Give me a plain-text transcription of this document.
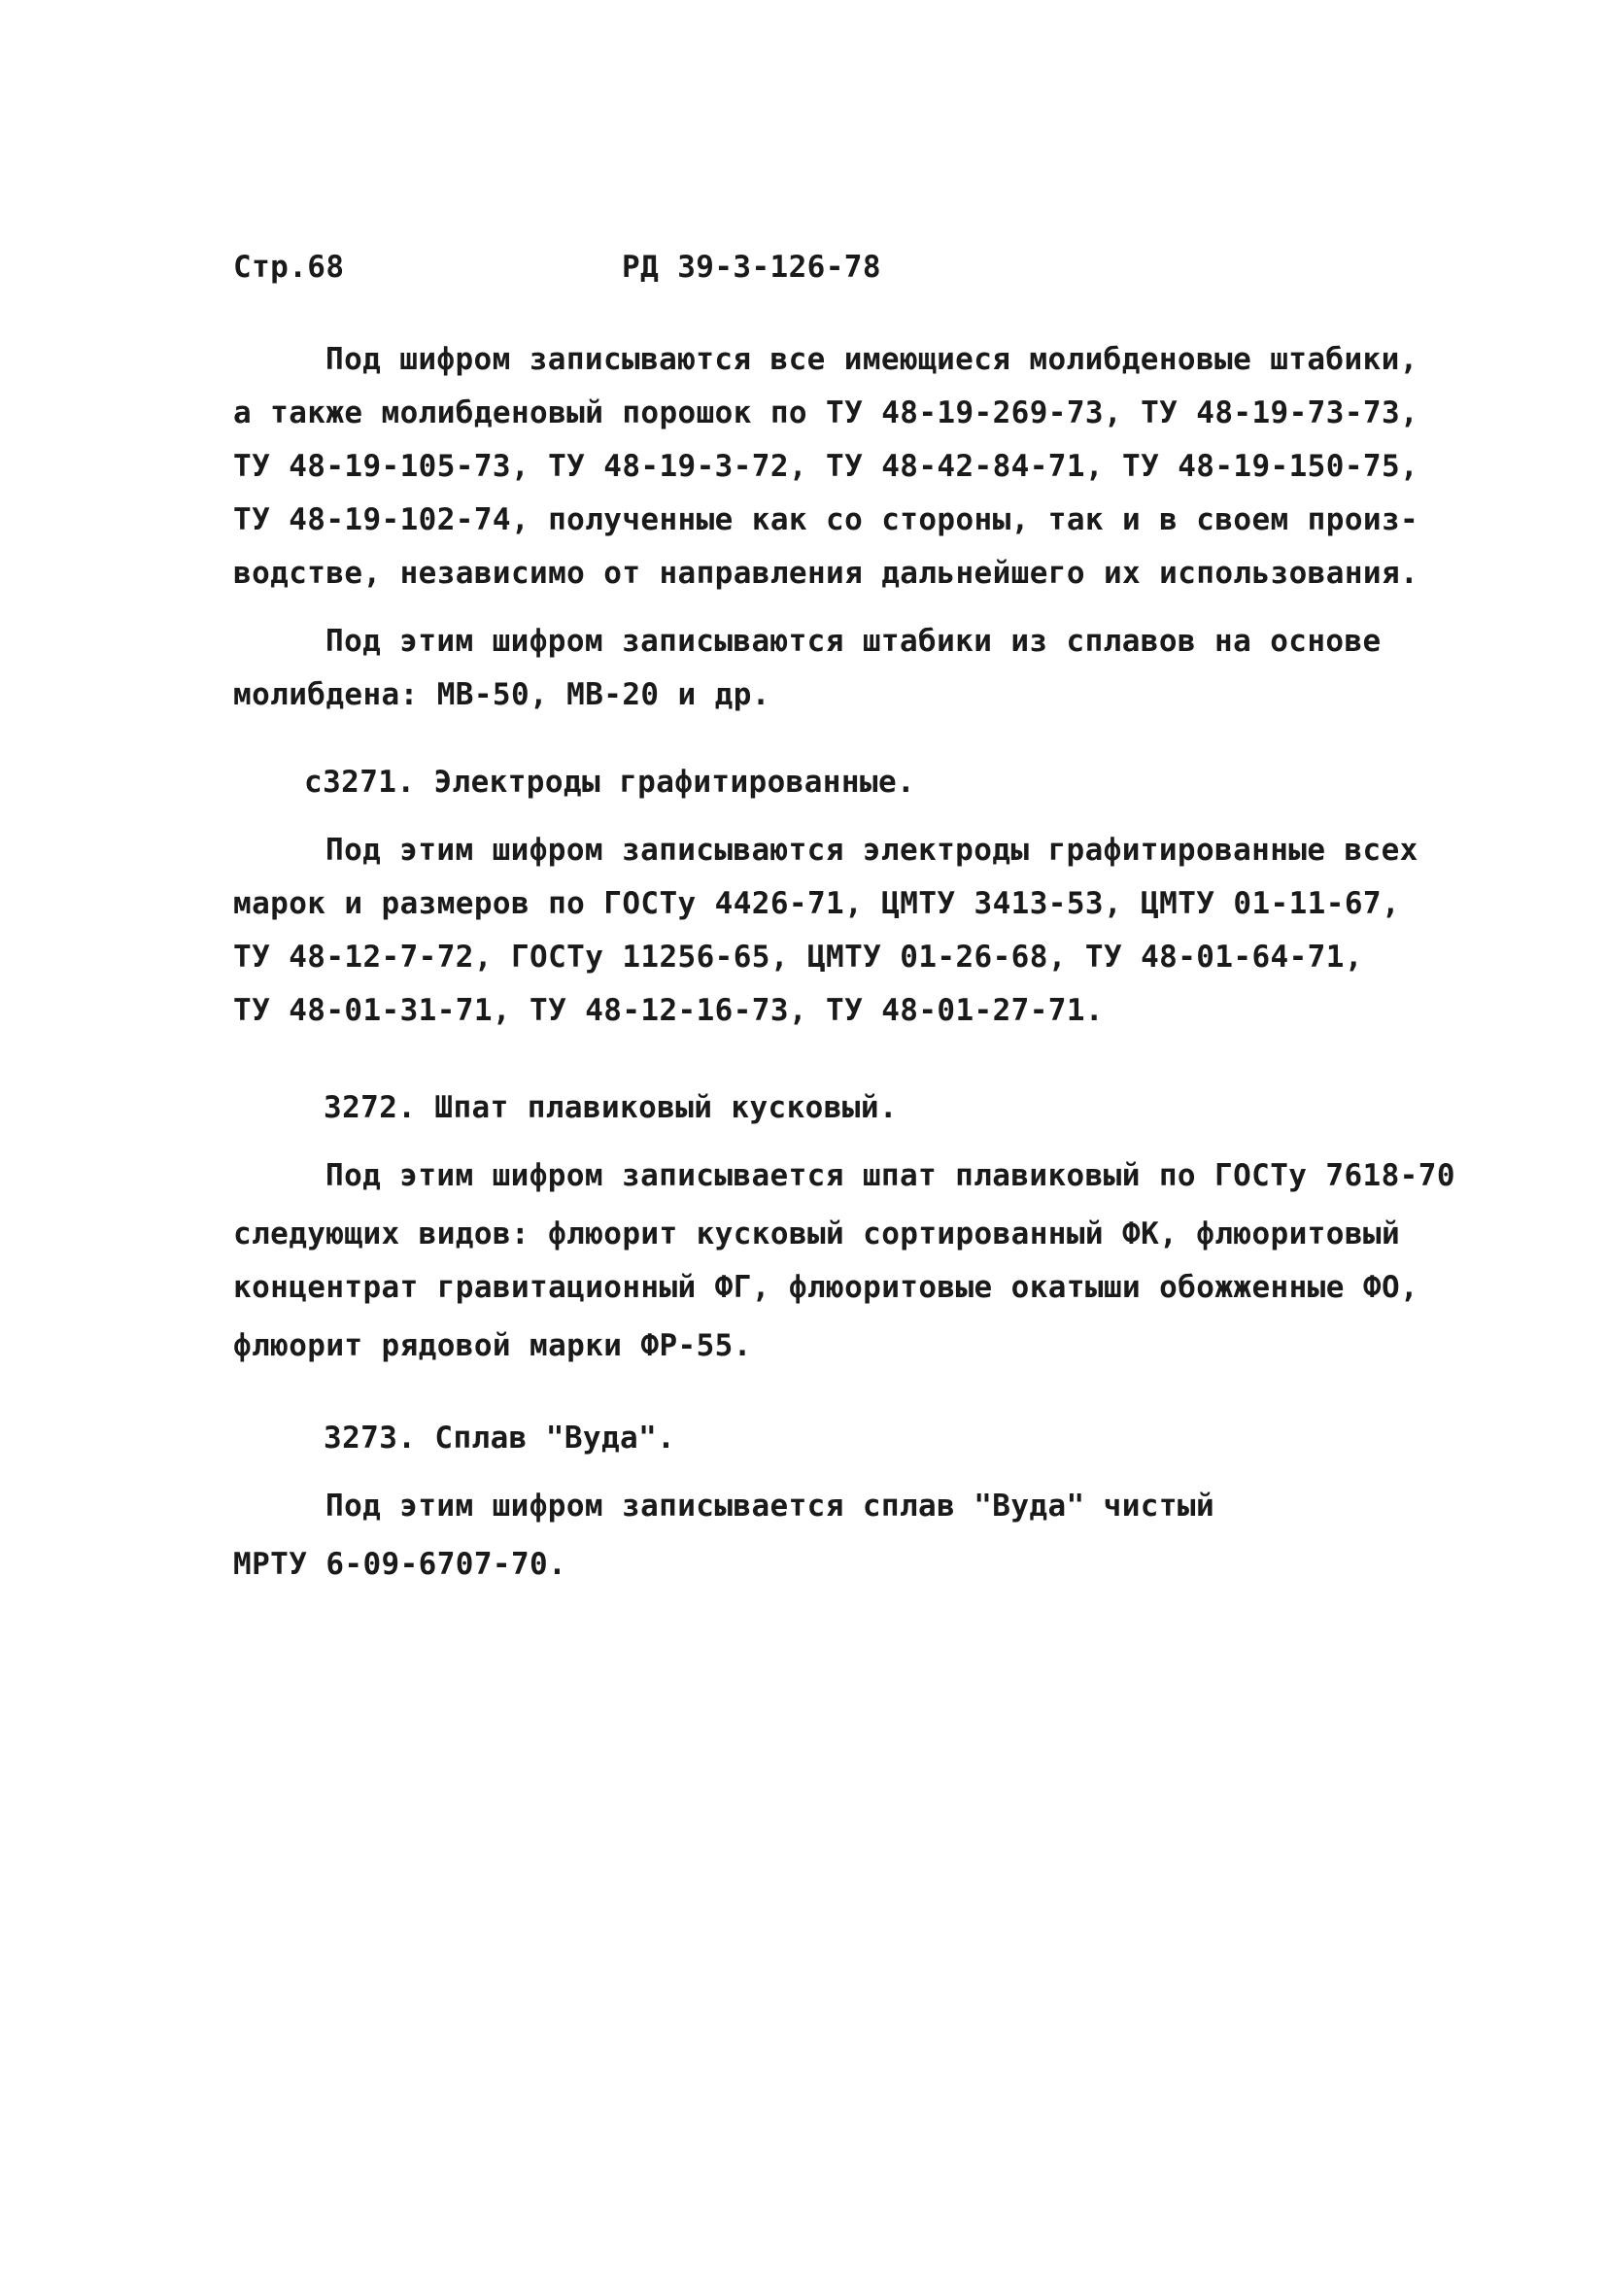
Стр.68	РД 39-3-126-78
Под шифром записываются все имеющиеся молибденовые штабики,
а также молибденовый порошок по ТУ 48-19-269-73, ТУ 48-19-73-73,
ТУ 48-19-105-73, ТУ 48-19-3-72, ТУ 48-42-84-71, ТУ 48-19-150-75,
ТУ 48-19-102-74, полученные как со стороны, так и в своем произ-
водстве, независимо от направления дальнейшего их использования.
Под этим шифром записываются штабики из сплавов на основе
молибдена: МВ-50, МВ-20 и др.
с3271. Электроды графитированные.
Под этим шифром записываются электроды графитированные всех
марок и размеров по ГОСТу 4426-71, ЦМТУ 3413-53, ЦМТУ 01-11-67,
ТУ 48-12-7-72, ГОСТу 11256-65, ЦМТУ 01-26-68, ТУ 48-01-64-71,
ТУ 48-01-31-71, ТУ 48-12-16-73, ТУ 48-01-27-71.
3272. Шпат плавиковый кусковый.
Под этим шифром записывается шпат плавиковый по ГОСТу 7618-70
следующих видов: флюорит кусковый сортированный ФК, флюоритовый
концентрат гравитационный ФГ, флюоритовые окатыши обожженные ФО,
флюорит рядовой марки ФР-55.
3273. Сплав "Вуда".
Под этим шифром записывается сплав "Вуда" чистый
МРТУ 6-09-6707-70.
